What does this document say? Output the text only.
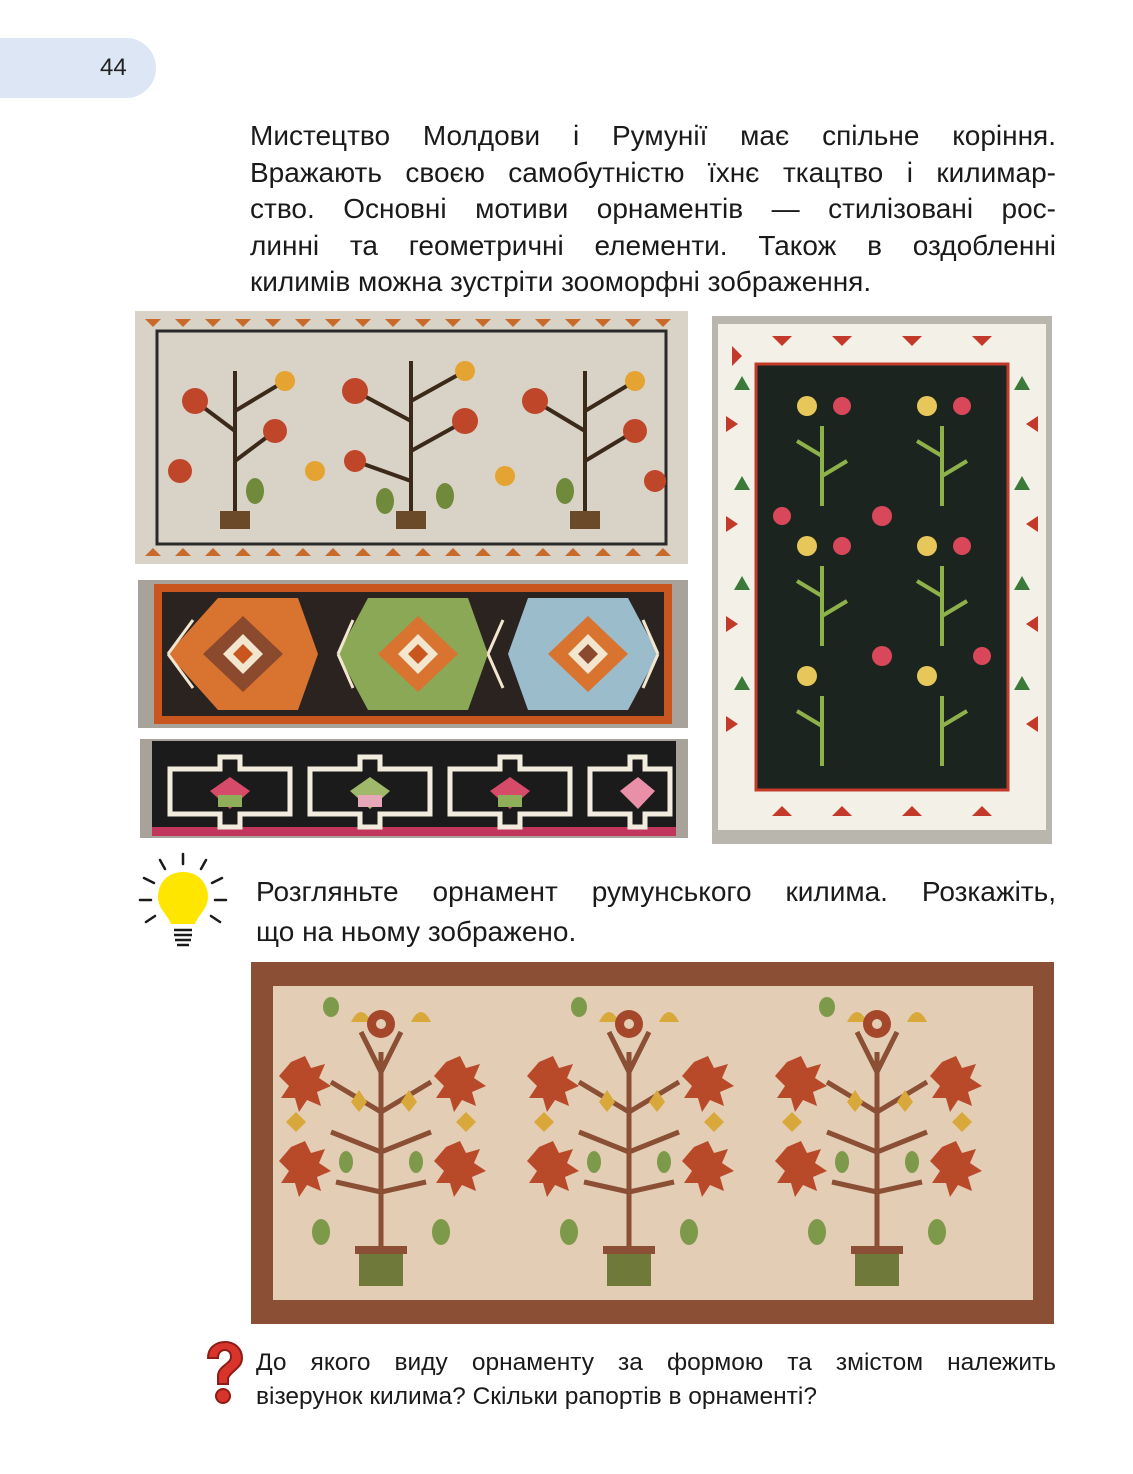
44
Мистецтво Молдови і Румунії має спільне коріння.
Вражають своєю самобутністю їхнє ткацтво і килимар-
ство. Основні мотиви орнаментів — стилізовані рос-
линні та геометричні елементи. Також в оздобленні
килимів можна зустріти зооморфні зображення.
Розгляньте орнамент румунського килима. Розкажіть,
що на ньому зображено.
До якого виду орнаменту за формою та змістом належить
візерунок килима? Скільки рапортів в орнаменті?
